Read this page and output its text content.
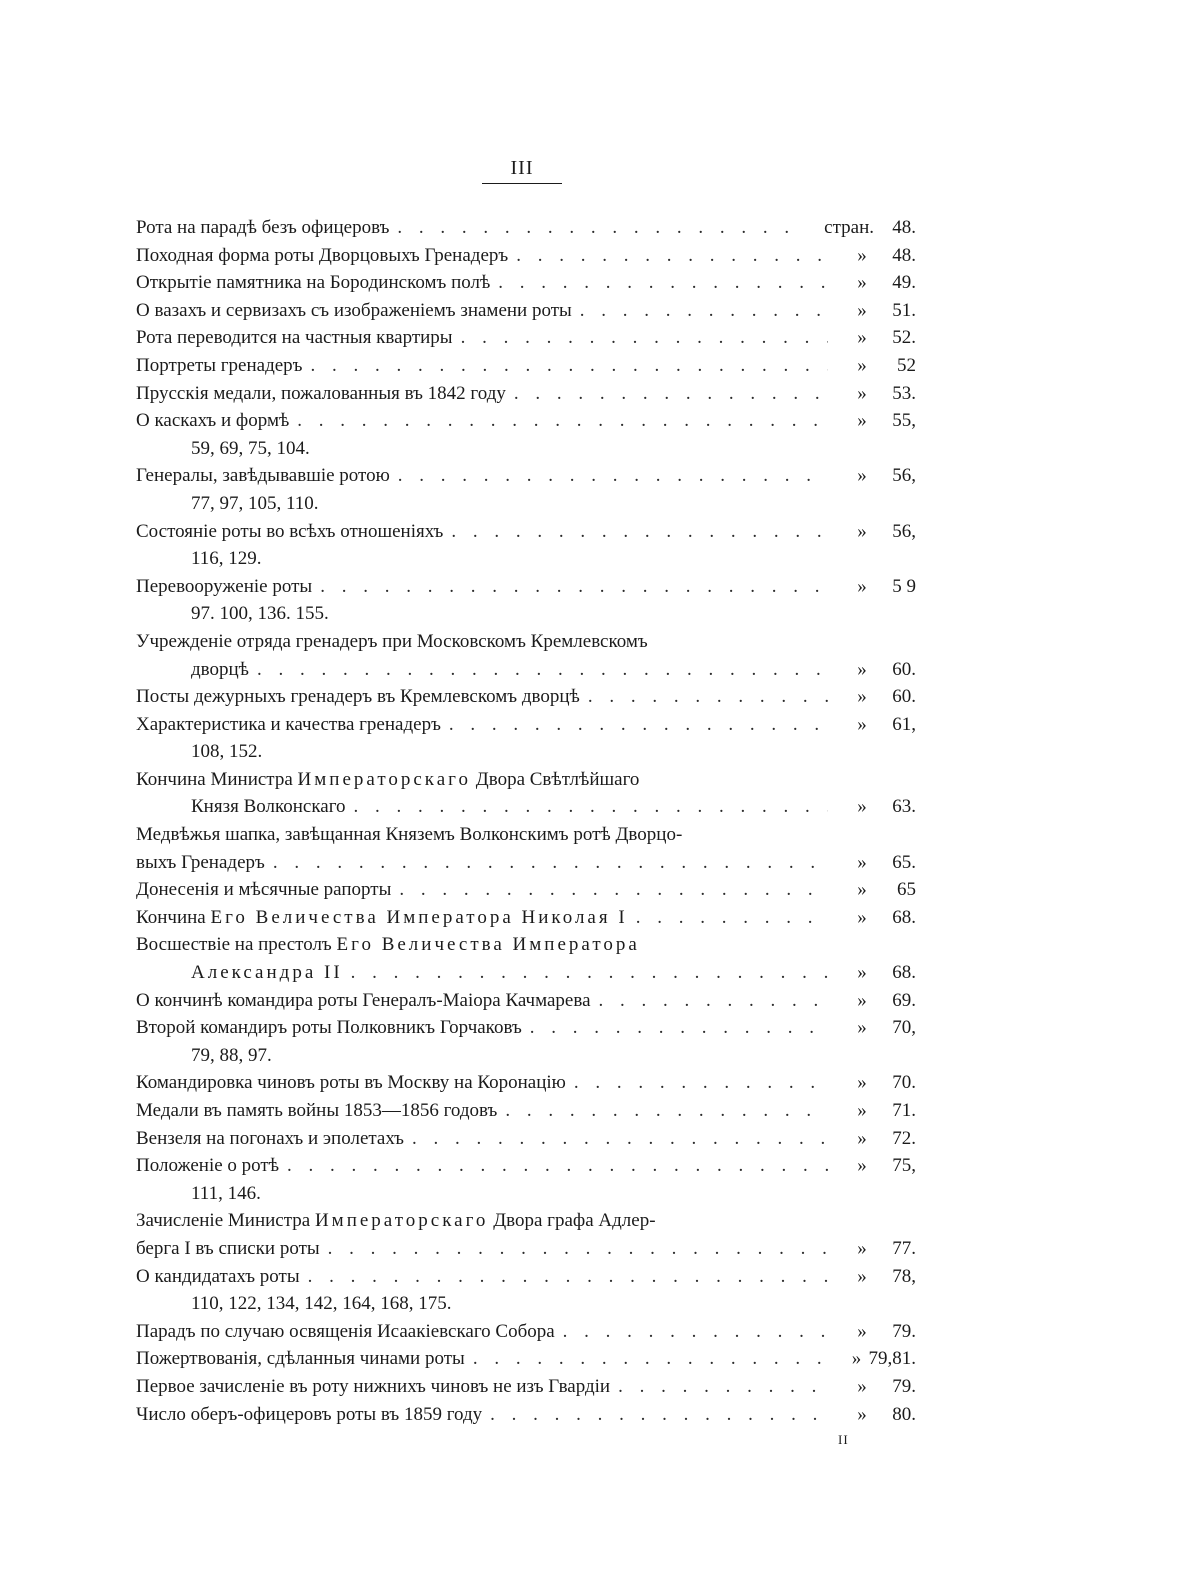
III
Рота на парадѣ безъ офицеровъ . . .	стран. 48.
Походная форма роты Дворцовыхъ Гренадеръ . . .	»	48.
Открытіе памятника на Бородинскомъ полѣ . . .	»	49.
О вазахъ и сервизахъ съ изображеніемъ знамени роты . . .	»	51.
Рота переводится на частныя квартиры . . .	»	52.
Портреты гренадеръ . . .	»	52
Прусскія медали, пожалованныя въ 1842 году . . .	»	53.
О каскахъ и формѣ . . .	»	55,
59, 69, 75, 104.
Генералы, завѣдывавшіе ротою . . .	»	56,
77, 97, 105, 110.
Состояніе роты во всѣхъ отношеніяхъ . . .	»	56,
116, 129.
Перевооруженіе роты . . .	»	5 9
97. 100, 136. 155.
Учрежденіе отряда гренадеръ при Московскомъ Кремлевскомъ
дворцѣ . . .	»	60.
Посты дежурныхъ гренадеръ въ Кремлевскомъ дворцѣ . . .	»	60.
Характеристика и качества гренадеръ . . .	»	61,
108, 152.
Кончина Министра Императорскаго Двора Свѣтлѣйшаго
Князя Волконскаго . . .	»	63.
Медвѣжья шапка, завѣщанная Княземъ Волконскимъ ротѣ Дворцо-
выхъ Гренадеръ . . .	»	65.
Донесенія и мѣсячные рапорты . . .	»	65
Кончина Его Величества Императора Николая I . . .	»	68.
Восшествіе на престолъ Его Величества Императора
Александра II . . .	»	68.
О кончинѣ командира роты Генералъ-Маіора Качмарева . . .	»	69.
Второй командиръ роты Полковникъ Горчаковъ . . .	»	70,
79, 88, 97.
Командировка чиновъ роты въ Москву на Коронацію . . .	»	70.
Медали въ память войны 1853—1856 годовъ . . .	»	71.
Вензеля на погонахъ и эполетахъ . . .	»	72.
Положеніе о ротѣ . . .	»	75,
111, 146.
Зачисленіе Министра Императорскаго Двора графа Адлер-
берга I въ списки роты . . .	»	77.
О кандидатахъ роты . . .	»	78,
110, 122, 134, 142, 164, 168, 175.
Парадъ по случаю освященія Исаакіевскаго Собора . . .	»	79.
Пожертвованія, сдѣланныя чинами роты . . .	» 79,81.
Первое зачисленіе въ роту нижнихъ чиновъ не изъ Гвардіи . . .	»	79.
Число оберъ-офицеровъ роты въ 1859 году . . .	»	80.
II
